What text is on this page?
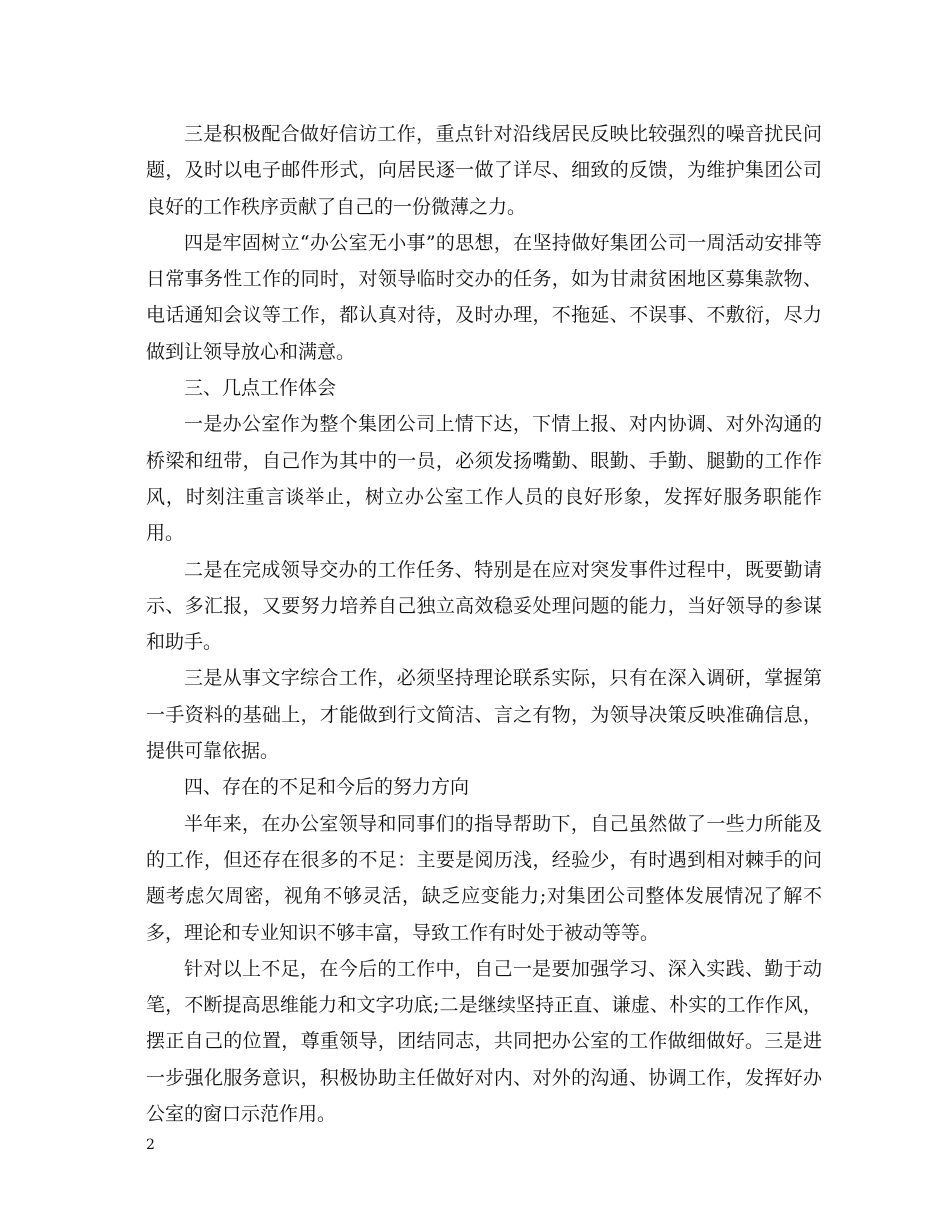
三是积极配合做好信访工作，重点针对沿线居民反映比较强烈的噪音扰民问题，及时以电子邮件形式，向居民逐一做了详尽、细致的反馈，为维护集团公司良好的工作秩序贡献了自己的一份微薄之力。

四是牢固树立“办公室无小事”的思想，在坚持做好集团公司一周活动安排等日常事务性工作的同时，对领导临时交办的任务，如为甘肃贫困地区募集款物、电话通知会议等工作，都认真对待，及时办理，不拖延、不误事、不敷衍，尽力做到让领导放心和满意。

三、几点工作体会

一是办公室作为整个集团公司上情下达，下情上报、对内协调、对外沟通的桥梁和纽带，自己作为其中的一员，必须发扬嘴勤、眼勤、手勤、腿勤的工作作风，时刻注重言谈举止，树立办公室工作人员的良好形象，发挥好服务职能作用。

二是在完成领导交办的工作任务、特别是在应对突发事件过程中，既要勤请示、多汇报，又要努力培养自己独立高效稳妥处理问题的能力，当好领导的参谋和助手。

三是从事文字综合工作，必须坚持理论联系实际，只有在深入调研，掌握第一手资料的基础上，才能做到行文简洁、言之有物，为领导决策反映准确信息，提供可靠依据。

四、存在的不足和今后的努力方向

半年来，在办公室领导和同事们的指导帮助下，自己虽然做了一些力所能及的工作，但还存在很多的不足：主要是阅历浅，经验少，有时遇到相对棘手的问题考虑欠周密，视角不够灵活，缺乏应变能力;对集团公司整体发展情况了解不多，理论和专业知识不够丰富，导致工作有时处于被动等等。

针对以上不足，在今后的工作中，自己一是要加强学习、深入实践、勤于动笔，不断提高思维能力和文字功底;二是继续坚持正直、谦虚、朴实的工作作风，摆正自己的位置，尊重领导，团结同志，共同把办公室的工作做细做好。三是进一步强化服务意识，积极协助主任做好对内、对外的沟通、协调工作，发挥好办公室的窗口示范作用。

2
